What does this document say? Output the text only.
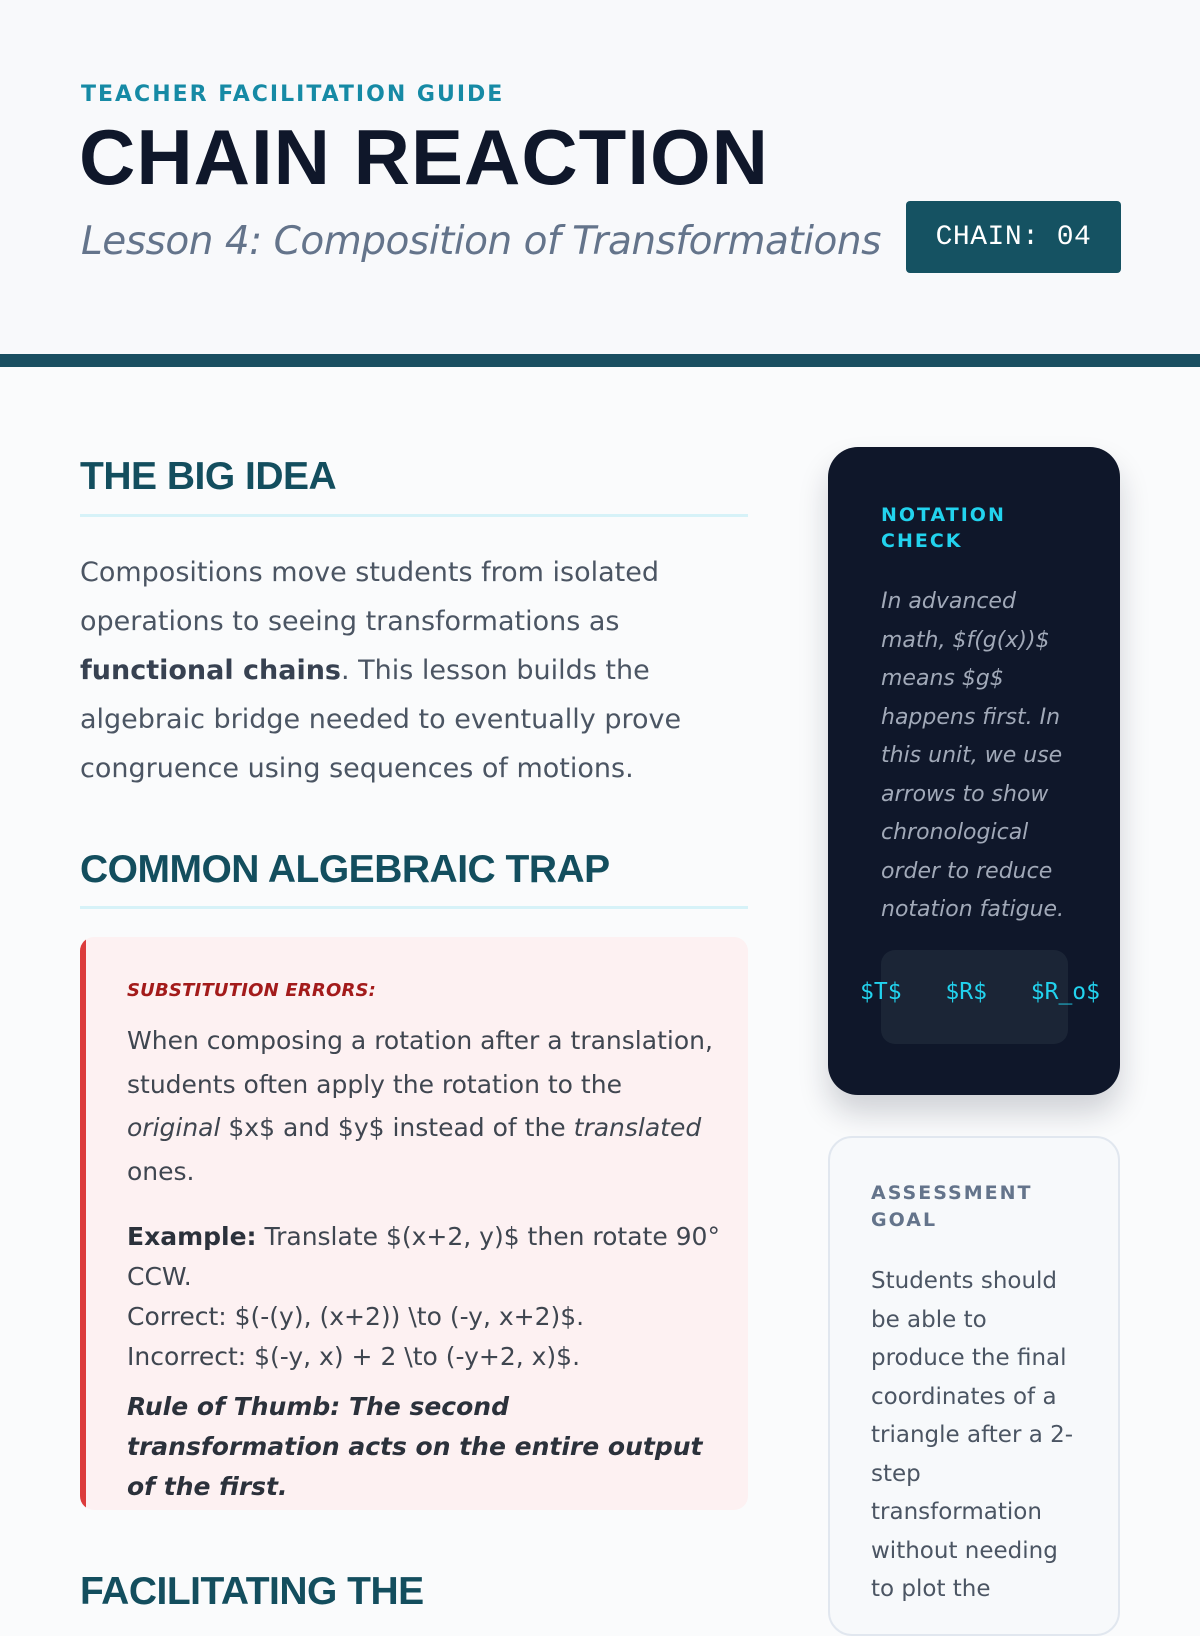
TEACHER FACILITATION GUIDE
CHAIN REACTION
Lesson 4: Composition of Transformations	CHAIN: 04
THE BIG IDEA
Compositions move students from isolated operations to seeing transformations as functional chains. This lesson builds the algebraic bridge needed to eventually prove congruence using sequences of motions.
COMMON ALGEBRAIC TRAP
SUBSTITUTION ERRORS:
When composing a rotation after a translation, students often apply the rotation to the original $x$ and $y$ instead of the translated ones.
Example: Translate $(x+2, y)$ then rotate 90° CCW.
Correct: $(-(y), (x+2)) \to (-y, x+2)$.
Incorrect: $(-y, x) + 2 \to (-y+2, x)$.
Rule of Thumb: The second transformation acts on the entire output of the first.
FACILITATING THE
NOTATION CHECK
In advanced math, $f(g(x))$ means $g$ happens first. In this unit, we use arrows to show chronological order to reduce notation fatigue.
$T$ $R$ $R_o$
ASSESSMENT GOAL
Students should be able to produce the final coordinates of a triangle after a 2-step transformation without needing to plot the
